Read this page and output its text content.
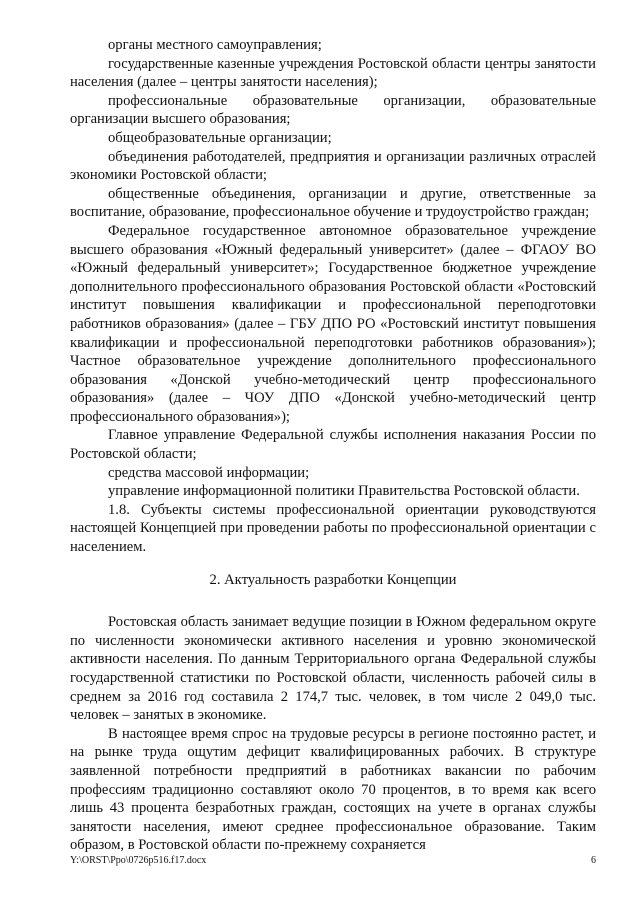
органы местного самоуправления;

государственные казенные учреждения Ростовской области центры занятости населения (далее – центры занятости населения);

профессиональные образовательные организации, образовательные организации высшего образования;

общеобразовательные организации;

объединения работодателей, предприятия и организации различных отраслей экономики Ростовской области;

общественные объединения, организации и другие, ответственные за воспитание, образование, профессиональное обучение и трудоустройство граждан;

Федеральное государственное автономное образовательное учреждение высшего образования «Южный федеральный университет» (далее – ФГАОУ ВО «Южный федеральный университет»; Государственное бюджетное учреждение дополнительного профессионального образования Ростовской области «Ростовский институт повышения квалификации и профессиональной переподготовки работников образования» (далее – ГБУ ДПО РО «Ростовский институт повышения квалификации и профессиональной переподготовки работников образования»); Частное образовательное учреждение дополнительного профессионального образования «Донской учебно-методический центр профессионального образования» (далее – ЧОУ ДПО «Донской учебно-методический центр профессионального образования»);

Главное управление Федеральной службы исполнения наказания России по Ростовской области;

средства массовой информации;

управление информационной политики Правительства Ростовской области.

1.8. Субъекты системы профессиональной ориентации руководствуются настоящей Концепцией при проведении работы по профессиональной ориентации с населением.

2. Актуальность разработки Концепции

Ростовская область занимает ведущие позиции в Южном федеральном округе по численности экономически активного населения и уровню экономической активности населения. По данным Территориального органа Федеральной службы государственной статистики по Ростовской области, численность рабочей силы в среднем за 2016 год составила 2 174,7 тыс. человек, в том числе 2 049,0 тыс. человек – занятых в экономике.

В настоящее время спрос на трудовые ресурсы в регионе постоянно растет, и на рынке труда ощутим дефицит квалифицированных рабочих. В структуре заявленной потребности предприятий в работниках вакансии по рабочим профессиям традиционно составляют около 70 процентов, в то время как всего лишь 43 процента безработных граждан, состоящих на учете в органах службы занятости населения, имеют среднее профессиональное образование. Таким образом, в Ростовской области по-прежнему сохраняется

Y:\ORST\Ppo\0726p516.f17.docx	6
